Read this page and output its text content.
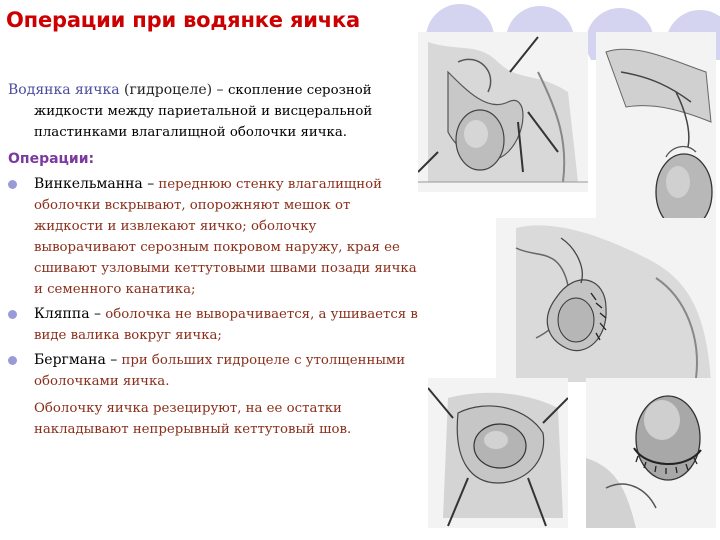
Операции при водянке яичка

Водянка яичка (гидроцеле) – скопление серозной жидкости между париетальной и висцеральной пластинками влагалищной оболочки яичка.

Операции:

Винкельманна – переднюю стенку влагалищной оболочки вскрывают, опорожняют мешок от жидкости и извлекают яичко; оболочку выворачивают серозным покровом наружу, края ее сшивают узловыми кеттутовыми швами позади яичка и семенного канатика;
Кляппа – оболочка не выворачивается, а ушивается в виде валика вокруг яичка;
Бергмана – при больших гидроцеле с утолщенными оболочками яичка.

Оболочку яичка резецируют, на ее остатки накладывают непрерывный кеттутовый шов.
